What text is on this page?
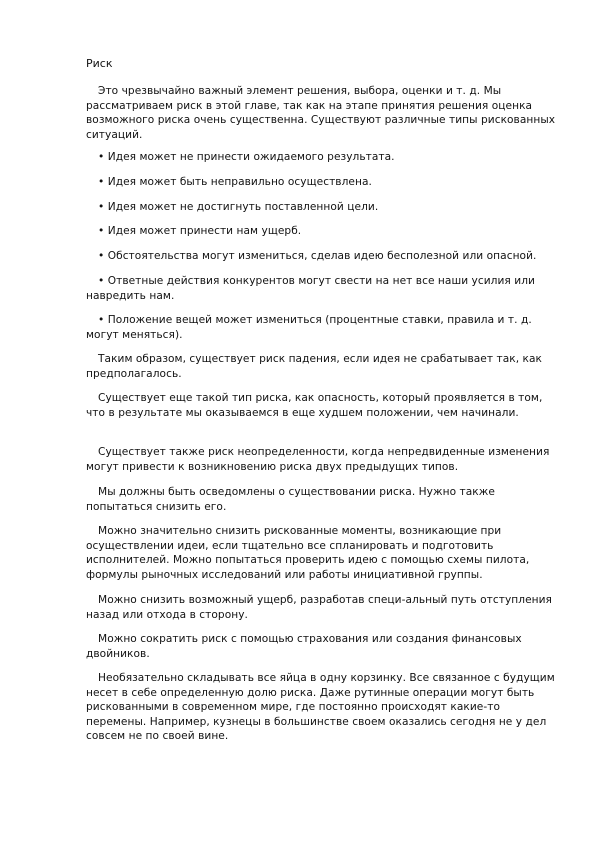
Риск

Это чрезвычайно важный элемент решения, выбора, оценки и т. д. Мы рассматриваем риск в этой главе, так как на этапе принятия решения оценка возможного риска очень существенна. Существуют различные типы рискованных ситуаций.

• Идея может не принести ожидаемого результата.

• Идея может быть неправильно осуществлена.

• Идея может не достигнуть поставленной цели.

• Идея может принести нам ущерб.

• Обстоятельства могут измениться, сделав идею бесполезной или опасной.

• Ответные действия конкурентов могут свести на нет все наши усилия или навредить нам.

• Положение вещей может измениться (процентные ставки, правила и т. д. могут меняться).

Таким образом, существует риск падения, если идея не срабатывает так, как предполагалось.

Существует еще такой тип риска, как опасность, который проявляется в том, что в результате мы оказываемся в еще худшем положении, чем начинали.

Существует также риск неопределенности, когда непредвиденные изменения могут привести к возникновению риска двух предыдущих типов.

Мы должны быть осведомлены о существовании риска. Нужно также попытаться снизить его.

Можно значительно снизить рискованные моменты, возникающие при осуществлении идеи, если тщательно все спланировать и подготовить исполнителей. Можно попытаться проверить идею с помощью схемы пилота, формулы рыночных исследований или работы инициативной группы.

Можно снизить возможный ущерб, разработав специ-альный путь отступления назад или отхода в сторону.

Можно сократить риск с помощью страхования или создания финансовых двойников.

Необязательно складывать все яйца в одну корзинку. Все связанное с будущим несет в себе определенную долю риска. Даже рутинные операции могут быть рискованными в современном мире, где постоянно происходят какие-то перемены. Например, кузнецы в большинстве своем оказались сегодня не у дел совсем не по своей вине.
